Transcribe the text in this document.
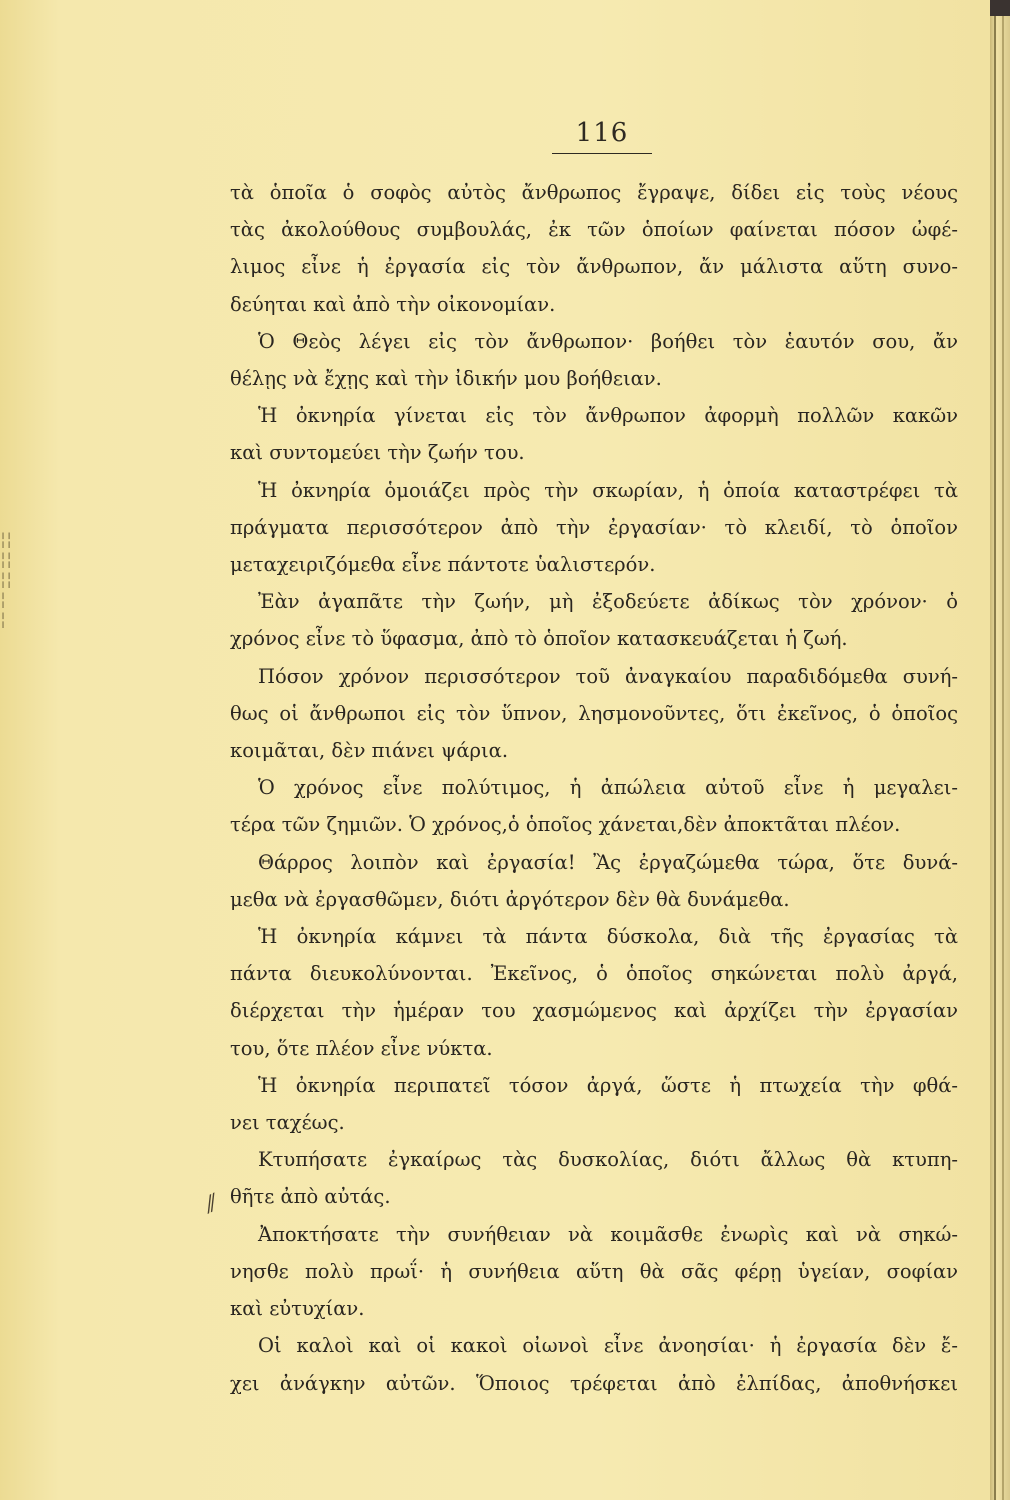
¦¦
¦¦
¦¦
¦
¦
116
⁄⁄

τὰ ὁποῖα ὁ σοφὸς αὐτὸς ἄνθρωπος ἔγραψε, δίδει εἰς τοὺς νέους
τὰς ἀκολούθους συμβουλάς, ἐκ τῶν ὁποίων φαίνεται πόσον ὠφέ-
λιμος εἶνε ἡ ἐργασία εἰς τὸν ἄνθρωπον, ἄν μάλιστα αὕτη συνο-
δεύηται καὶ ἀπὸ τὴν οἰκονομίαν.

Ὁ Θεὸς λέγει εἰς τὸν ἄνθρωπον· βοήθει τὸν ἑαυτόν σου, ἄν
θέλῃς νὰ ἔχῃς καὶ τὴν ἰδικήν μου βοήθειαν.

Ἡ ὀκνηρία γίνεται εἰς τὸν ἄνθρωπον ἀφορμὴ πολλῶν κακῶν
καὶ συντομεύει τὴν ζωήν του.

Ἡ ὀκνηρία ὁμοιάζει πρὸς τὴν σκωρίαν, ἡ ὁποία καταστρέφει τὰ
πράγματα περισσότερον ἀπὸ τὴν ἐργασίαν· τὸ κλειδί, τὸ ὁποῖον
μεταχειριζόμεθα εἶνε πάντοτε ὑαλιστερόν.

Ἐὰν ἀγαπᾶτε τὴν ζωήν, μὴ ἐξοδεύετε ἀδίκως τὸν χρόνον· ὁ
χρόνος εἶνε τὸ ὕφασμα, ἀπὸ τὸ ὁποῖον κατασκευάζεται ἡ ζωή.

Πόσον χρόνον περισσότερον τοῦ ἀναγκαίου παραδιδόμεθα συνή-
θως οἱ ἄνθρωποι εἰς τὸν ὕπνον, λησμονοῦντες, ὅτι ἐκεῖνος, ὁ ὁποῖος
κοιμᾶται, δὲν πιάνει ψάρια.

Ὁ χρόνος εἶνε πολύτιμος, ἡ ἀπώλεια αὐτοῦ εἶνε ἡ μεγαλει-
τέρα τῶν ζημιῶν. Ὁ χρόνος,ὁ ὁποῖος χάνεται,δὲν ἀποκτᾶται πλέον.

Θάρρος λοιπὸν καὶ ἐργασία! Ἂς ἐργαζώμεθα τώρα, ὅτε δυνά-
μεθα νὰ ἐργασθῶμεν, διότι ἀργότερον δὲν θὰ δυνάμεθα.

Ἡ ὀκνηρία κάμνει τὰ πάντα δύσκολα, διὰ τῆς ἐργασίας τὰ
πάντα διευκολύνονται. Ἐκεῖνος, ὁ ὁποῖος σηκώνεται πολὺ ἀργά,
διέρχεται τὴν ἡμέραν του χασμώμενος καὶ ἀρχίζει τὴν ἐργασίαν
του, ὅτε πλέον εἶνε νύκτα.

Ἡ ὀκνηρία περιπατεῖ τόσον ἀργά, ὥστε ἡ πτωχεία τὴν φθά-
νει ταχέως.

Κτυπήσατε ἐγκαίρως τὰς δυσκολίας, διότι ἄλλως θὰ κτυπη-
θῆτε ἀπὸ αὐτάς.

Ἀποκτήσατε τὴν συνήθειαν νὰ κοιμᾶσθε ἐνωρὶς καὶ νὰ σηκώ-
νησθε πολὺ πρωΐ· ἡ συνήθεια αὕτη θὰ σᾶς φέρῃ ὑγείαν, σοφίαν
καὶ εὐτυχίαν.

Οἱ καλοὶ καὶ οἱ κακοὶ οἰωνοὶ εἶνε ἀνοησίαι· ἡ ἐργασία δὲν ἔ-
χει ἀνάγκην αὐτῶν. Ὅποιος τρέφεται ἀπὸ ἐλπίδας, ἀποθνήσκει
